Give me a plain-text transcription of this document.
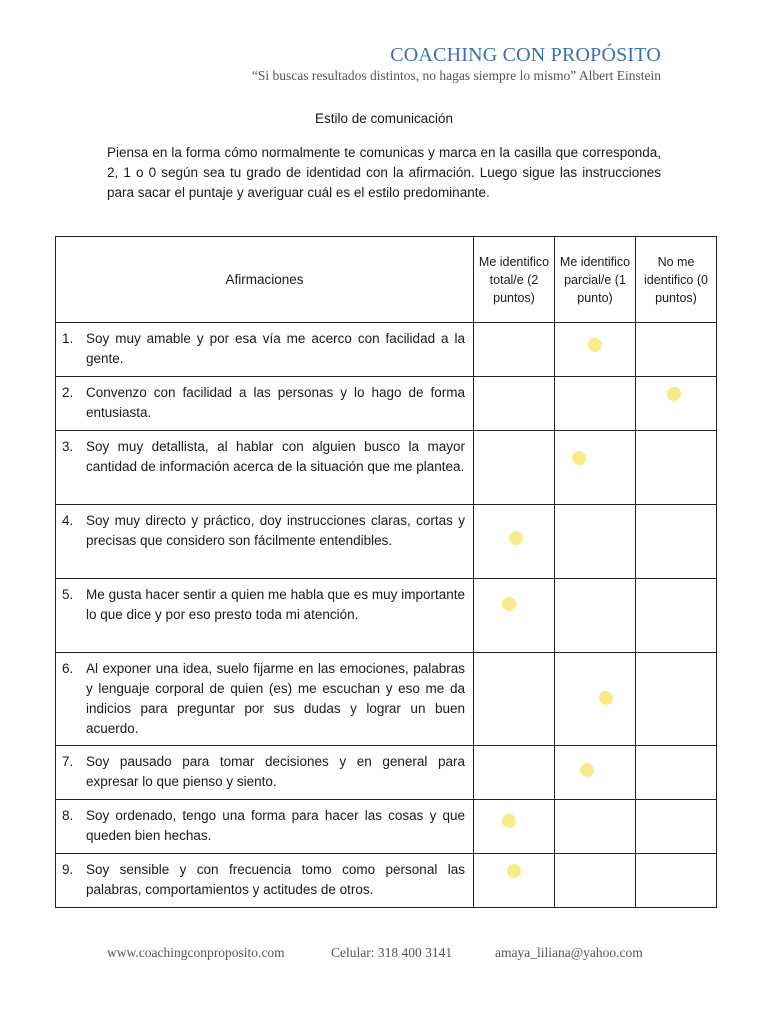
COACHING CON PROPÓSITO
“Si buscas resultados distintos, no hagas siempre lo mismo” Albert Einstein
Estilo de comunicación
Piensa en la forma cómo normalmente te comunicas y marca en la casilla que corresponda, 2, 1 o 0 según sea tu grado de identidad con la afirmación. Luego sigue las instrucciones para sacar el puntaje y averiguar cuál es el estilo predominante.
Afirmaciones	Me identifico total/e (2 puntos)	Me identifico parcial/e (1 punto)	No me identifico (0 puntos)

1. Soy muy amable y por esa vía me acerco con facilidad a la gente.			

2. Convenzo con facilidad a las personas y lo hago de forma entusiasta.			

3. Soy muy detallista, al hablar con alguien busco la mayor cantidad de información acerca de la situación que me plantea.			

4. Soy muy directo y práctico, doy instrucciones claras, cortas y precisas que considero son fácilmente entendibles.			

5. Me gusta hacer sentir a quien me habla que es muy importante lo que dice y por eso presto toda mi atención.			

6. Al exponer una idea, suelo fijarme en las emociones, palabras y lenguaje corporal de quien (es) me escuchan y eso me da indicios para preguntar por sus dudas y lograr un buen acuerdo.			

7. Soy pausado para tomar decisiones y en general para expresar lo que pienso y siento.			

8. Soy ordenado, tengo una forma para hacer las cosas y que queden bien hechas.			

9. Soy sensible y con frecuencia tomo como personal las palabras, comportamientos y actitudes de otros.			

www.coachingconproposito.com	Celular: 318 400 3141	amaya_liliana@yahoo.com
